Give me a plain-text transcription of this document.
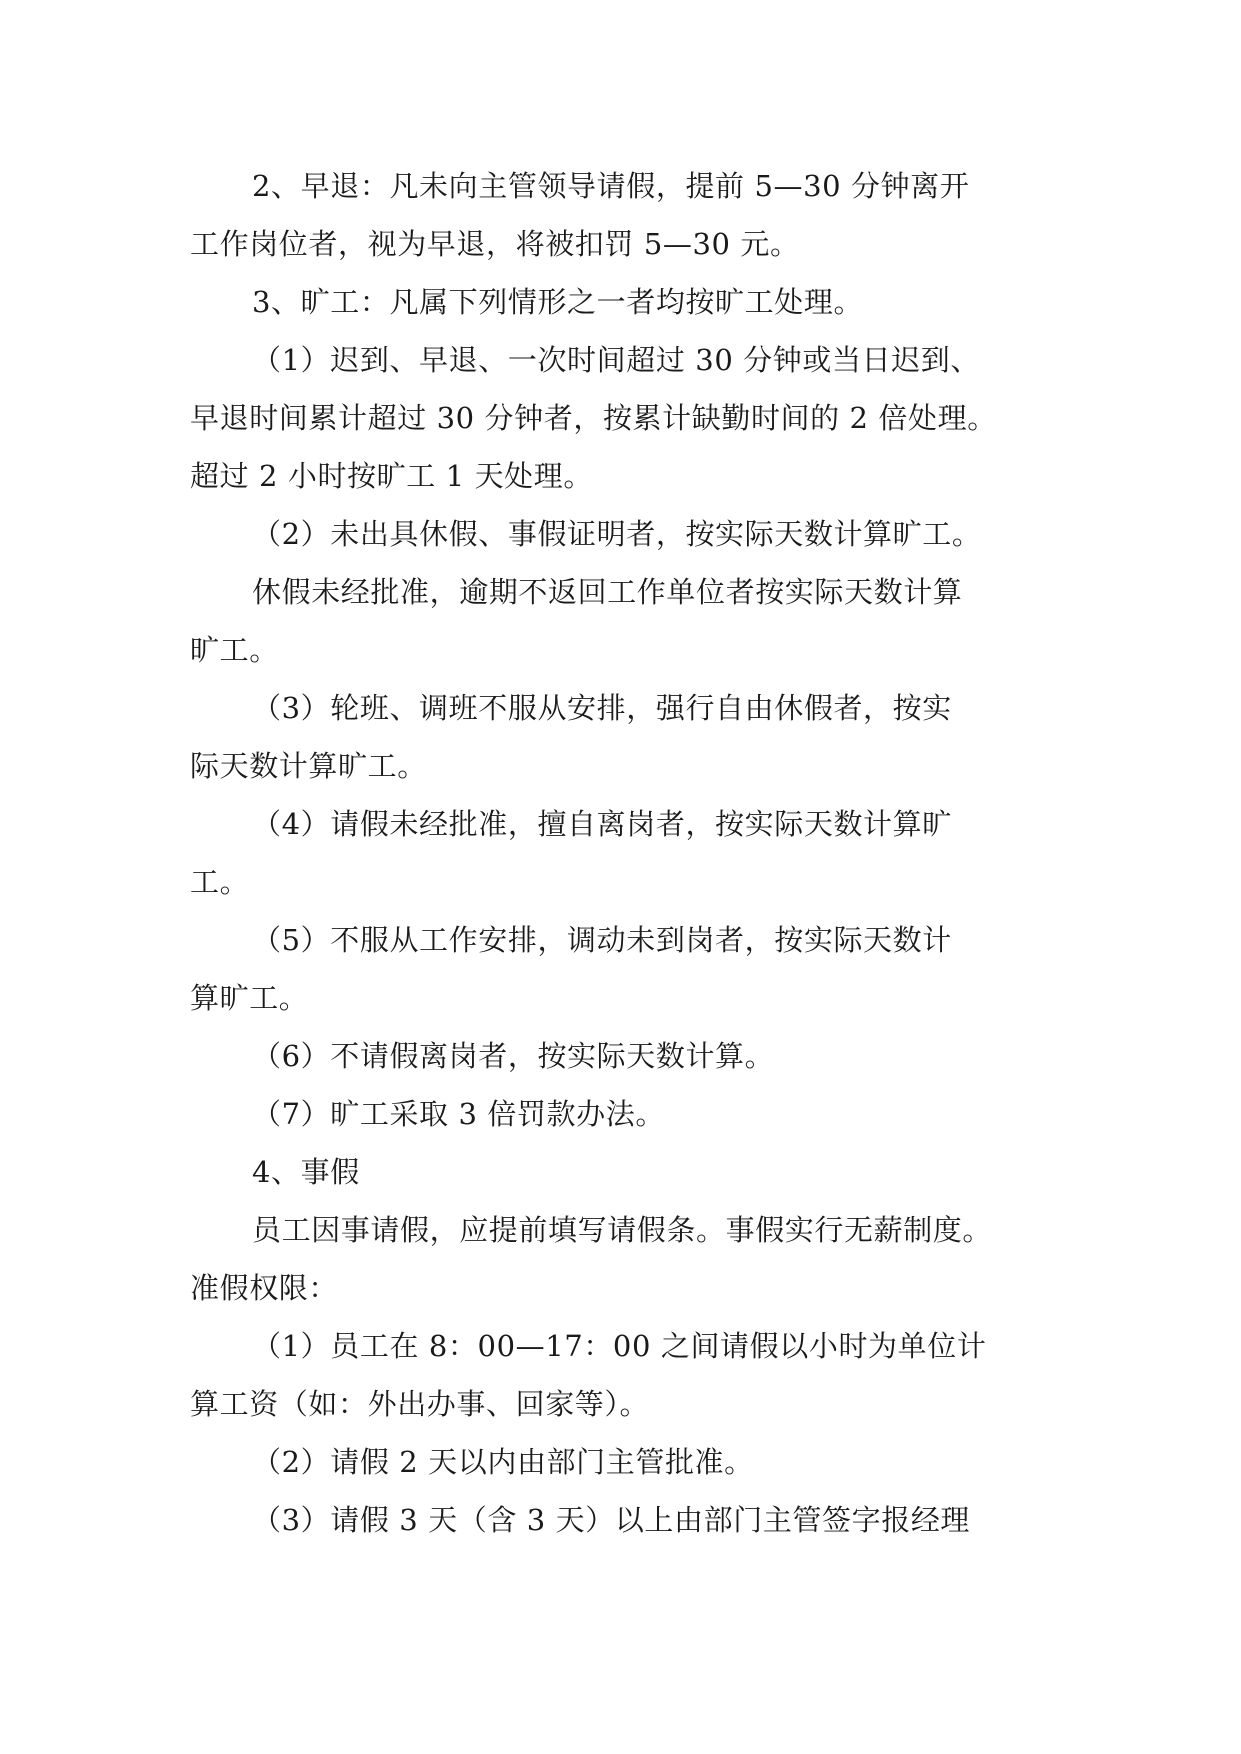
2、早退：凡未向主管领导请假，提前 5—30 分钟离开
工作岗位者，视为早退，将被扣罚 5—30 元。
3、旷工：凡属下列情形之一者均按旷工处理。
（1）迟到、早退、一次时间超过 30 分钟或当日迟到、
早退时间累计超过 30 分钟者，按累计缺勤时间的 2 倍处理。
超过 2 小时按旷工 1 天处理。
（2）未出具休假、事假证明者，按实际天数计算旷工。
休假未经批准，逾期不返回工作单位者按实际天数计算
旷工。
（3）轮班、调班不服从安排，强行自由休假者，按实
际天数计算旷工。
（4）请假未经批准，擅自离岗者，按实际天数计算旷
工。
（5）不服从工作安排，调动未到岗者，按实际天数计
算旷工。
（6）不请假离岗者，按实际天数计算。
（7）旷工采取 3 倍罚款办法。
4、事假
员工因事请假，应提前填写请假条。事假实行无薪制度。
准假权限：
（1）员工在 8：00—17：00 之间请假以小时为单位计
算工资（如：外出办事、回家等）。
（2）请假 2 天以内由部门主管批准。
（3）请假 3 天（含 3 天）以上由部门主管签字报经理
